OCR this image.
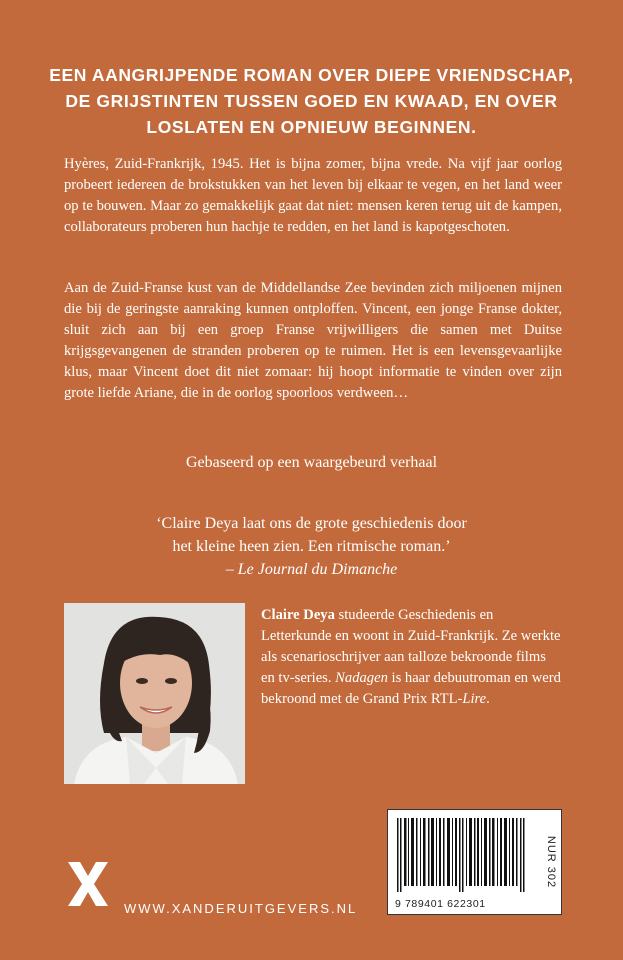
EEN AANGRIJPENDE ROMAN OVER DIEPE VRIENDSCHAP,
DE GRIJSTINTEN TUSSEN GOED EN KWAAD, EN OVER
LOSLATEN EN OPNIEUW BEGINNEN.

Hyères, Zuid-Frankrijk, 1945. Het is bijna zomer, bijna vrede. Na vijf jaar oorlog probeert iedereen de brokstukken van het leven bij elkaar te vegen, en het land weer op te bouwen. Maar zo gemakkelijk gaat dat niet: mensen keren terug uit de kampen, collaborateurs proberen hun hachje te redden, en het land is kapotgeschoten.

Aan de Zuid-Franse kust van de Middellandse Zee bevinden zich miljoenen mijnen die bij de geringste aanraking kunnen ontploffen. Vincent, een jonge Franse dokter, sluit zich aan bij een groep Franse vrijwilligers die samen met Duitse krijgsgevangenen de stranden proberen op te ruimen. Het is een levensgevaarlijke klus, maar Vincent doet dit niet zomaar: hij hoopt informatie te vinden over zijn grote liefde Ariane, die in de oorlog spoorloos verdween…

Gebaseerd op een waargebeurd verhaal

‘Claire Deya laat ons de grote geschiedenis door
het kleine heen zien. Een ritmische roman.’
– Le Journal du Dimanche

Claire Deya studeerde Geschiedenis en Letterkunde en woont in Zuid-Frankrijk. Ze werkte als scenarioschrijver aan talloze bekroonde films en tv-series. Nadagen is haar debuutroman en werd bekroond met de Grand Prix RTL-Lire.

9 789401 622301
NUR 302

WWW.XANDERUITGEVERS.NL
